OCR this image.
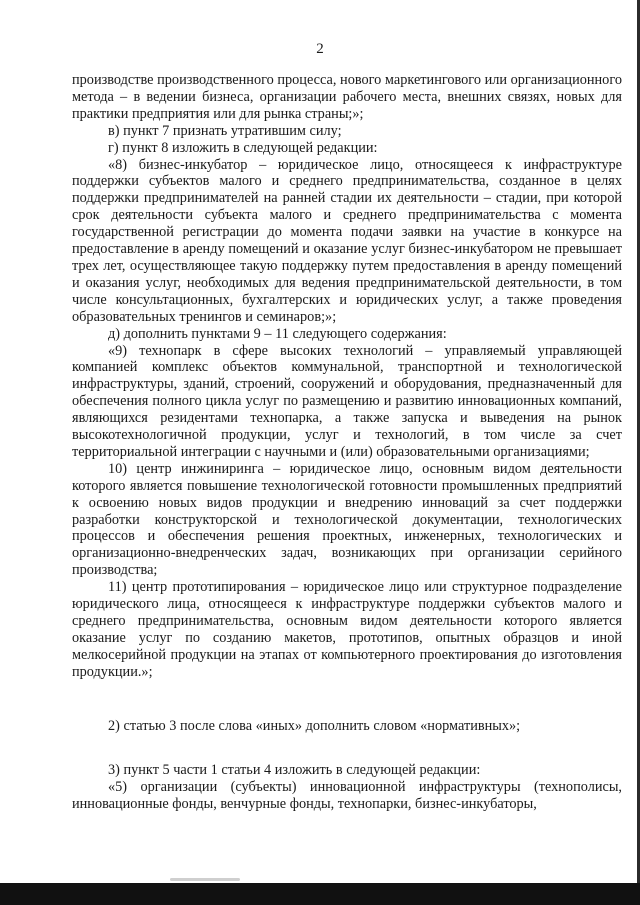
2

производстве производственного процесса, нового маркетингового или организационного метода – в ведении бизнеса, организации рабочего места, внешних связях, новых для практики предприятия или для рынка страны;»;

в) пункт 7 признать утратившим силу;

г) пункт 8 изложить в следующей редакции:

«8) бизнес-инкубатор – юридическое лицо, относящееся к инфраструктуре поддержки субъектов малого и среднего предпринимательства, созданное в целях поддержки предпринимателей на ранней стадии их деятельности – стадии, при которой срок деятельности субъекта малого и среднего предпринимательства с момента государственной регистрации до момента подачи заявки на участие в конкурсе на предоставление в аренду помещений и оказание услуг бизнес-инкубатором не превышает трех лет, осуществляющее такую поддержку путем предоставления в аренду помещений и оказания услуг, необходимых для ведения предпринимательской деятельности, в том числе консультационных, бухгалтерских и юридических услуг, а также проведения образовательных тренингов и семинаров;»;

д) дополнить пунктами 9 – 11 следующего содержания:

«9) технопарк в сфере высоких технологий – управляемый управляющей компанией комплекс объектов коммунальной, транспортной и технологической инфраструктуры, зданий, строений, сооружений и оборудования, предназначенный для обеспечения полного цикла услуг по размещению и развитию инновационных компаний, являющихся резидентами технопарка, а также запуска и выведения на рынок высокотехнологичной продукции, услуг и технологий, в том числе за счет территориальной интеграции с научными и (или) образовательными организациями;

10) центр инжиниринга – юридическое лицо, основным видом деятельности которого является повышение технологической готовности промышленных предприятий к освоению новых видов продукции и внедрению инноваций за счет поддержки разработки конструкторской и технологической документации, технологических процессов и обеспечения решения проектных, инженерных, технологических и организационно-внедренческих задач, возникающих при организации серийного производства;

11) центр прототипирования – юридическое лицо или структурное подразделение юридического лица, относящееся к инфраструктуре поддержки субъектов малого и среднего предпринимательства, основным видом деятельности которого является оказание услуг по созданию макетов, прототипов, опытных образцов и иной мелкосерийной продукции на этапах от компьютерного проектирования до изготовления продукции.»;

2) статью 3 после слова «иных» дополнить словом «нормативных»;

3) пункт 5 части 1 статьи 4 изложить в следующей редакции:

«5) организации (субъекты) инновационной инфраструктуры (технополисы, инновационные фонды, венчурные фонды, технопарки, бизнес-инкубаторы,
